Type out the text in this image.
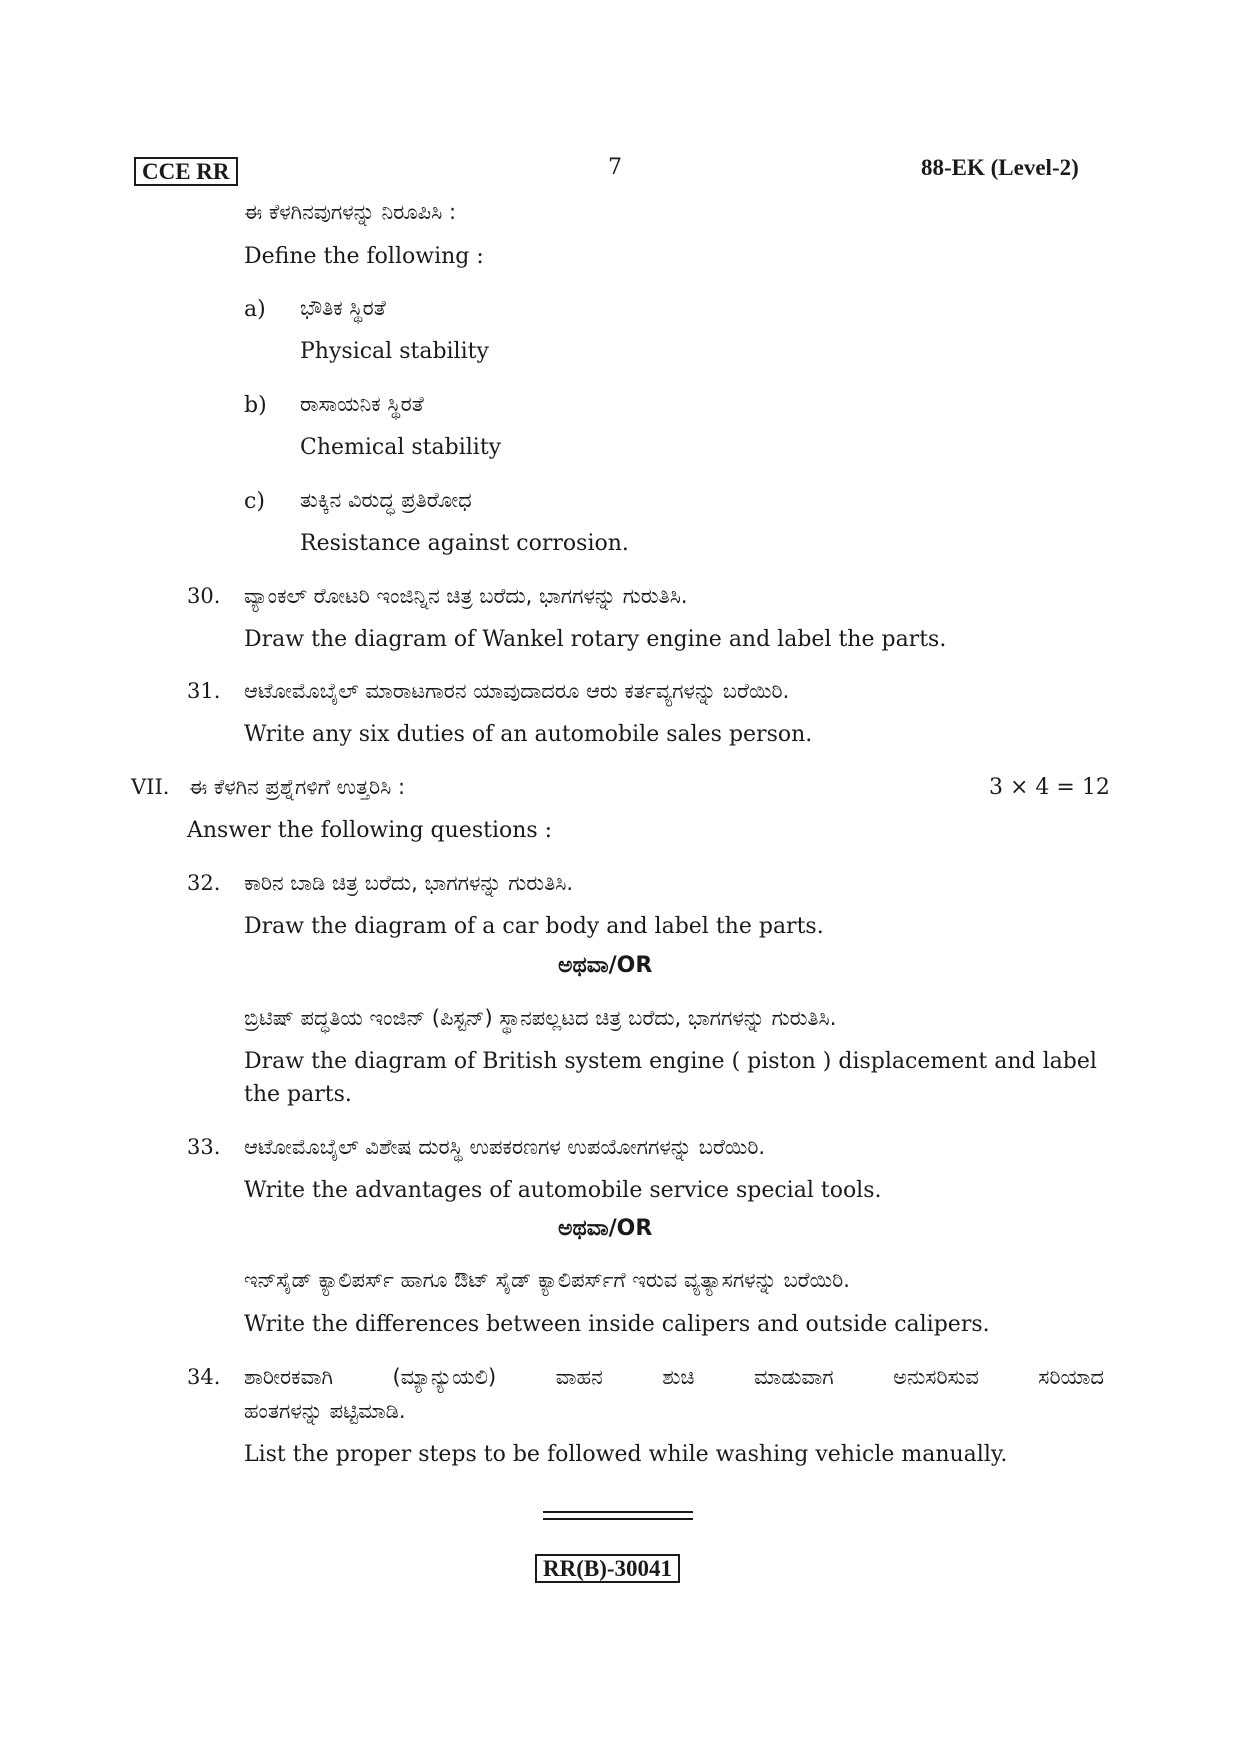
CCE RR	7	88-EK (Level-2)
ಈ ಕೆಳಗಿನವುಗಳನ್ನು ನಿರೂಪಿಸಿ :
Define the following :
a) ಭೌತಿಕ ಸ್ಥಿರತೆ
Physical stability
b) ರಾಸಾಯನಿಕ ಸ್ಥಿರತೆ
Chemical stability
c) ತುಕ್ಕಿನ ವಿರುದ್ಧ ಪ್ರತಿರೋಧ
Resistance against corrosion.
30. ವ್ಯಾಂಕಲ್ ರೋಟರಿ ಇಂಜಿನ್ನಿನ ಚಿತ್ರ ಬರೆದು, ಭಾಗಗಳನ್ನು ಗುರುತಿಸಿ.
Draw the diagram of Wankel rotary engine and label the parts.
31. ಆಟೋಮೊಬೈಲ್ ಮಾರಾಟಗಾರನ ಯಾವುದಾದರೂ ಆರು ಕರ್ತವ್ಯಗಳನ್ನು ಬರೆಯಿರಿ.
Write any six duties of an automobile sales person.
VII. ಈ ಕೆಳಗಿನ ಪ್ರಶ್ನೆಗಳಿಗೆ ಉತ್ತರಿಸಿ :	3 × 4 = 12
Answer the following questions :
32. ಕಾರಿನ ಬಾಡಿ ಚಿತ್ರ ಬರೆದು, ಭಾಗಗಳನ್ನು ಗುರುತಿಸಿ.
Draw the diagram of a car body and label the parts.
ಅಥವಾ/OR
ಬ್ರಿಟಿಷ್ ಪದ್ಧತಿಯ ಇಂಜಿನ್ (ಪಿಸ್ಟನ್) ಸ್ಥಾನಪಲ್ಲಟದ ಚಿತ್ರ ಬರೆದು, ಭಾಗಗಳನ್ನು ಗುರುತಿಸಿ.
Draw the diagram of British system engine ( piston ) displacement and label
the parts.
33. ಆಟೋಮೊಬೈಲ್ ವಿಶೇಷ ದುರಸ್ಥಿ ಉಪಕರಣಗಳ ಉಪಯೋಗಗಳನ್ನು ಬರೆಯಿರಿ.
Write the advantages of automobile service special tools.
ಅಥವಾ/OR
ಇನ್‌ಸೈಡ್ ಕ್ಯಾಲಿಪರ್ಸ್ ಹಾಗೂ ಔಟ್ ಸೈಡ್ ಕ್ಯಾಲಿಪರ್ಸ್‌ಗೆ ಇರುವ ವ್ಯತ್ಯಾಸಗಳನ್ನು ಬರೆಯಿರಿ.
Write the differences between inside calipers and outside calipers.
34. ಶಾರೀರಕವಾಗಿ (ಮ್ಯಾನ್ಯುಯಲಿ) ವಾಹನ ಶುಚಿ ಮಾಡುವಾಗ ಅನುಸರಿಸುವ ಸರಿಯಾದ
ಹಂತಗಳನ್ನು ಪಟ್ಟಿಮಾಡಿ.
List the proper steps to be followed while washing vehicle manually.
RR(B)-30041
